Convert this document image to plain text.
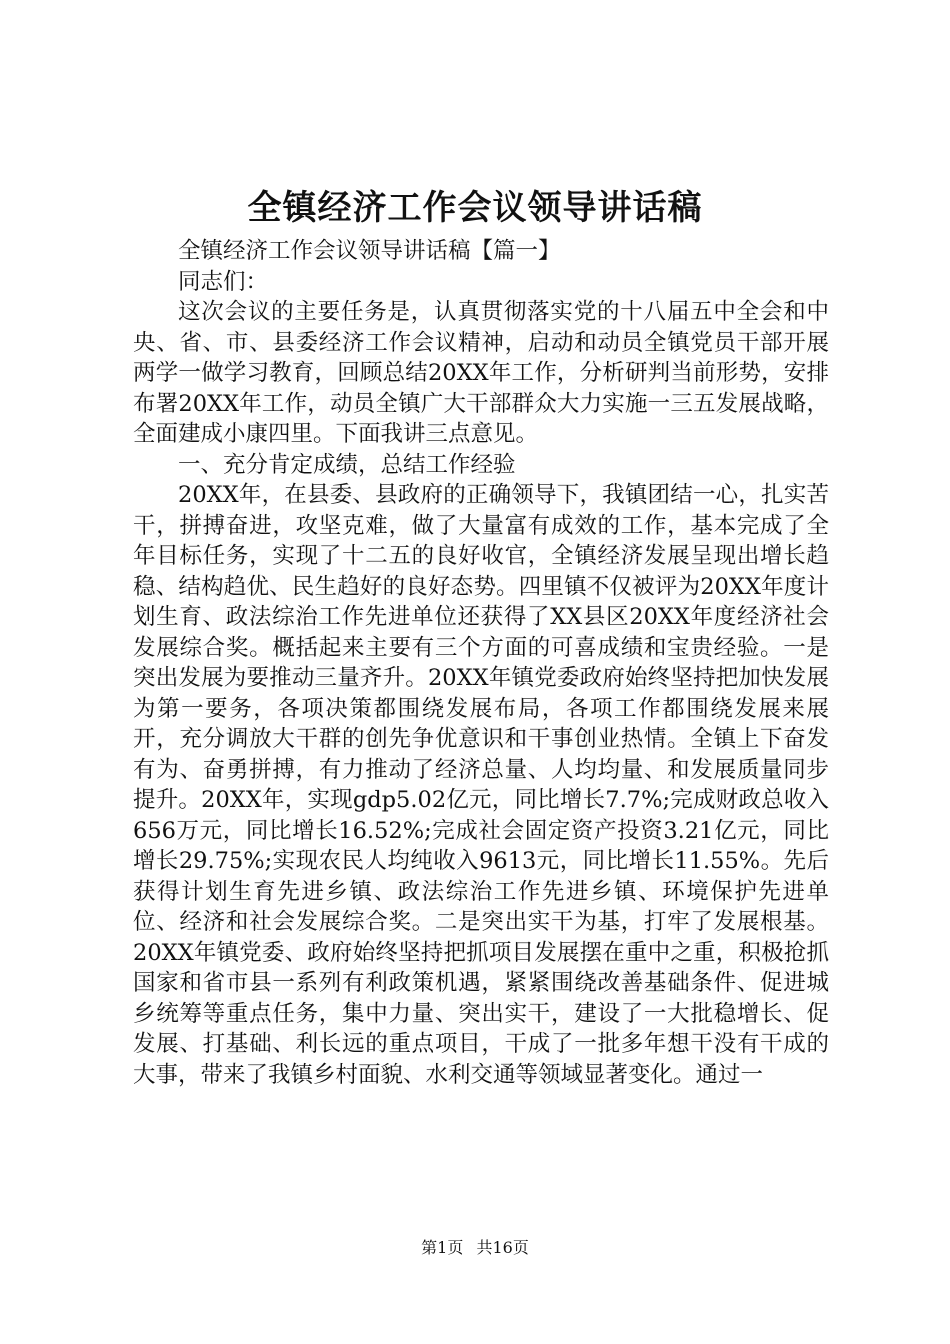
全镇经济工作会议领导讲话稿

全镇经济工作会议领导讲话稿【篇一】

同志们：

这次会议的主要任务是，认真贯彻落实党的十八届五中全会和中央、省、市、县委经济工作会议精神，启动和动员全镇党员干部开展两学一做学习教育，回顾总结20XX年工作，分析研判当前形势，安排布署20XX年工作，动员全镇广大干部群众大力实施一三五发展战略，全面建成小康四里。下面我讲三点意见。

一、充分肯定成绩，总结工作经验

20XX年，在县委、县政府的正确领导下，我镇团结一心，扎实苦干，拼搏奋进，攻坚克难，做了大量富有成效的工作，基本完成了全年目标任务，实现了十二五的良好收官，全镇经济发展呈现出增长趋稳、结构趋优、民生趋好的良好态势。四里镇不仅被评为20XX年度计划生育、政法综治工作先进单位还获得了XX县区20XX年度经济社会发展综合奖。概括起来主要有三个方面的可喜成绩和宝贵经验。一是突出发展为要推动三量齐升。20XX年镇党委政府始终坚持把加快发展为第一要务，各项决策都围绕发展布局，各项工作都围绕发展来展开，充分调放大干群的创先争优意识和干事创业热情。全镇上下奋发有为、奋勇拼搏，有力推动了经济总量、人均均量、和发展质量同步提升。20XX年，实现gdp5.02亿元，同比增长7.7%;完成财政总收入656万元，同比增长16.52%;完成社会固定资产投资3.21亿元，同比增长29.75%;实现农民人均纯收入9613元，同比增长11.55%。先后获得计划生育先进乡镇、政法综治工作先进乡镇、环境保护先进单位、经济和社会发展综合奖。二是突出实干为基，打牢了发展根基。20XX年镇党委、政府始终坚持把抓项目发展摆在重中之重，积极抢抓国家和省市县一系列有利政策机遇，紧紧围绕改善基础条件、促进城乡统筹等重点任务，集中力量、突出实干，建设了一大批稳增长、促发展、打基础、利长远的重点项目，干成了一批多年想干没有干成的大事，带来了我镇乡村面貌、水利交通等领域显著变化。通过一

第1页 共16页
